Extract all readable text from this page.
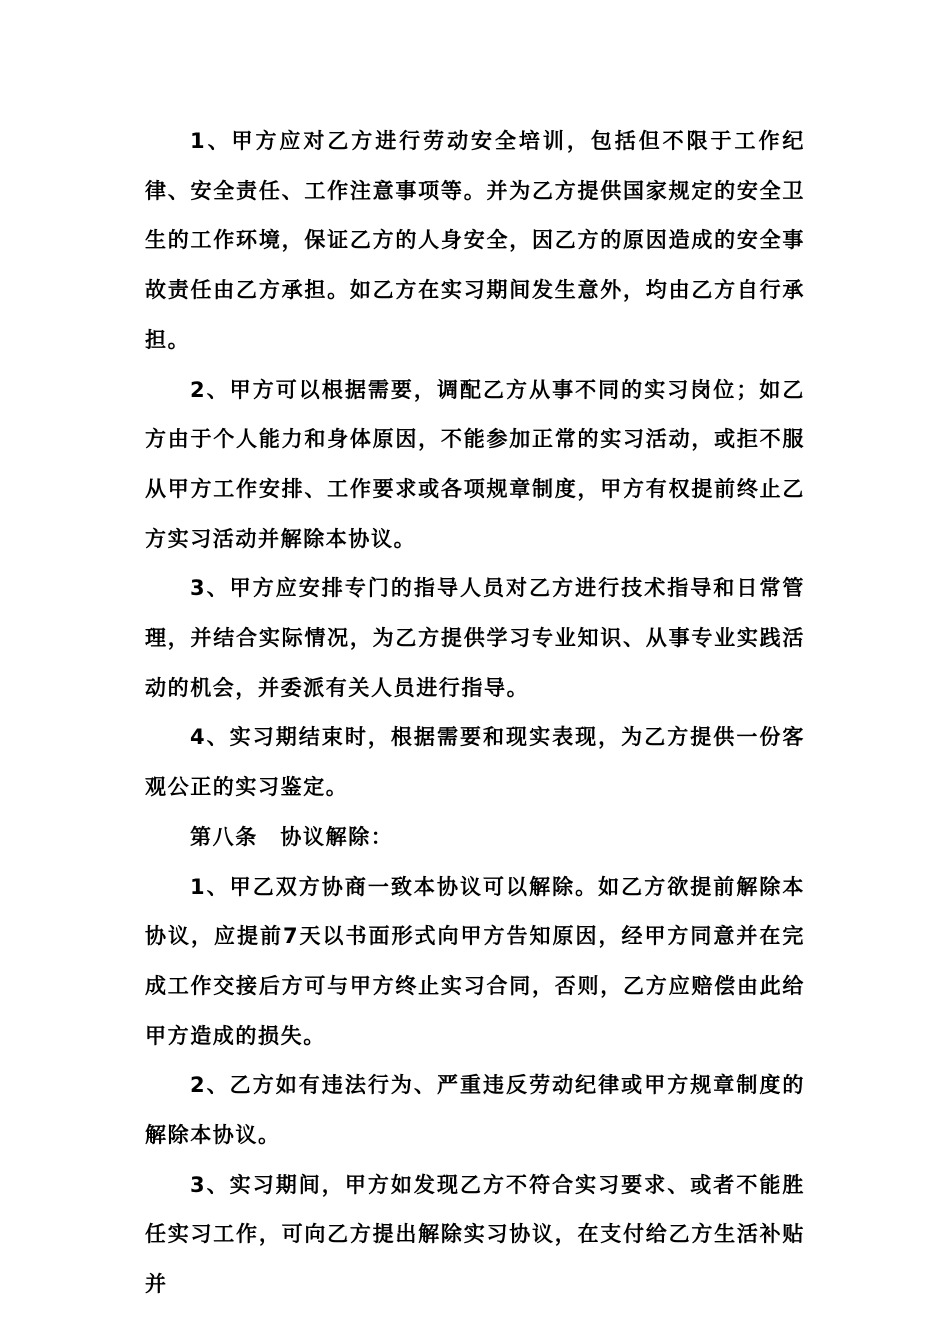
1、甲方应对乙方进行劳动安全培训，包括但不限于工作纪律、安全责任、工作注意事项等。并为乙方提供国家规定的安全卫生的工作环境，保证乙方的人身安全，因乙方的原因造成的安全事故责任由乙方承担。如乙方在实习期间发生意外，均由乙方自行承担。

2、甲方可以根据需要，调配乙方从事不同的实习岗位；如乙方由于个人能力和身体原因，不能参加正常的实习活动，或拒不服从甲方工作安排、工作要求或各项规章制度，甲方有权提前终止乙方实习活动并解除本协议。

3、甲方应安排专门的指导人员对乙方进行技术指导和日常管理，并结合实际情况，为乙方提供学习专业知识、从事专业实践活动的机会，并委派有关人员进行指导。

4、实习期结束时，根据需要和现实表现，为乙方提供一份客观公正的实习鉴定。

第八条　协议解除：

1、甲乙双方协商一致本协议可以解除。如乙方欲提前解除本协议，应提前7天以书面形式向甲方告知原因，经甲方同意并在完成工作交接后方可与甲方终止实习合同，否则，乙方应赔偿由此给甲方造成的损失。

2、乙方如有违法行为、严重违反劳动纪律或甲方规章制度的解除本协议。

3、实习期间，甲方如发现乙方不符合实习要求、或者不能胜任实习工作，可向乙方提出解除实习协议，在支付给乙方生活补贴并
